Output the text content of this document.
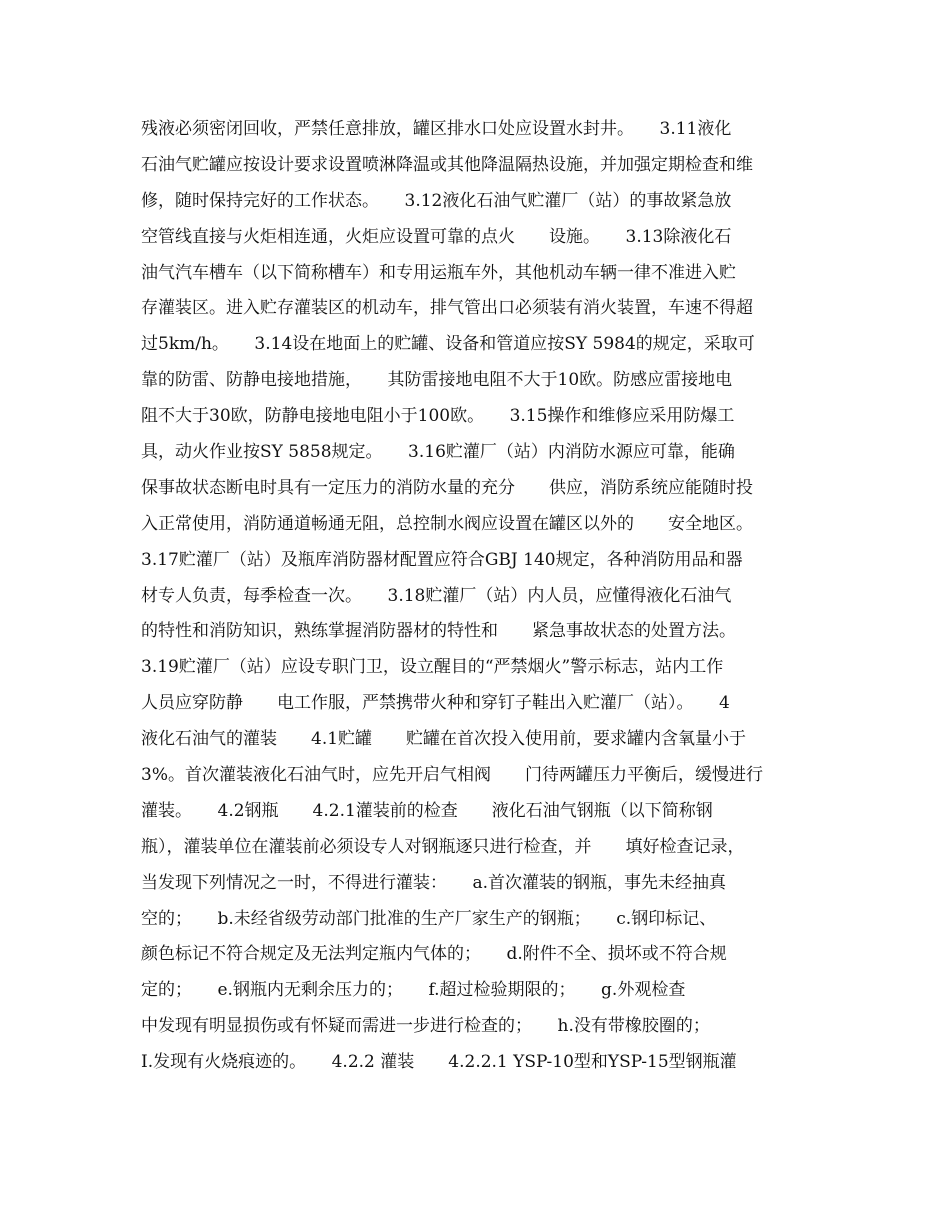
残液必须密闭回收，严禁任意排放，罐区排水口处应设置水封井。　　3.11液化
石油气贮罐应按设计要求设置喷淋降温或其他降温隔热设施，并加强定期检查和维
修，随时保持完好的工作状态。　　3.12液化石油气贮灌厂（站）的事故紧急放
空管线直接与火炬相连通，火炬应设置可靠的点火　　设施。　　3.13除液化石
油气汽车槽车（以下简称槽车）和专用运瓶车外，其他机动车辆一律不准进入贮
存灌装区。进入贮存灌装区的机动车，排气管出口必须装有消火装置，车速不得超
过5km/h。　　3.14设在地面上的贮罐、设备和管道应按SY 5984的规定，采取可
靠的防雷、防静电接地措施，　　其防雷接地电阻不大于10欧。防感应雷接地电
阻不大于30欧，防静电接地电阻小于100欧。　　3.15操作和维修应采用防爆工
具，动火作业按SY 5858规定。　　3.16贮灌厂（站）内消防水源应可靠，能确
保事故状态断电时具有一定压力的消防水量的充分　　供应，消防系统应能随时投
入正常使用，消防通道畅通无阻，总控制水阀应设置在罐区以外的　　安全地区。
3.17贮灌厂（站）及瓶库消防器材配置应符合GBJ 140规定，各种消防用品和器
材专人负责，每季检查一次。　　3.18贮灌厂（站）内人员，应懂得液化石油气
的特性和消防知识，熟练掌握消防器材的特性和　　紧急事故状态的处置方法。
3.19贮灌厂（站）应设专职门卫，设立醒目的“严禁烟火”警示标志，站内工作
人员应穿防静　　电工作服，严禁携带火种和穿钉子鞋出入贮灌厂（站）。　　4
液化石油气的灌装　　4.1贮罐　　贮罐在首次投入使用前，要求罐内含氧量小于
3%。首次灌装液化石油气时，应先开启气相阀　　门待两罐压力平衡后，缓慢进行
灌装。　　4.2钢瓶　　4.2.1灌装前的检查　　液化石油气钢瓶（以下简称钢
瓶），灌装单位在灌装前必须设专人对钢瓶逐只进行检查，并　　填好检查记录，
当发现下列情况之一时，不得进行灌装：　　a.首次灌装的钢瓶，事先未经抽真
空的；　　b.未经省级劳动部门批准的生产厂家生产的钢瓶；　　c.钢印标记、
颜色标记不符合规定及无法判定瓶内气体的；　　d.附件不全、损坏或不符合规
定的；　　e.钢瓶内无剩余压力的；　　f.超过检验期限的；　　g.外观检查
中发现有明显损伤或有怀疑而需进一步进行检查的；　　h.没有带橡胶圈的；
I.发现有火烧痕迹的。　　4.2.2 灌装　　4.2.2.1 YSP-10型和YSP-15型钢瓶灌
